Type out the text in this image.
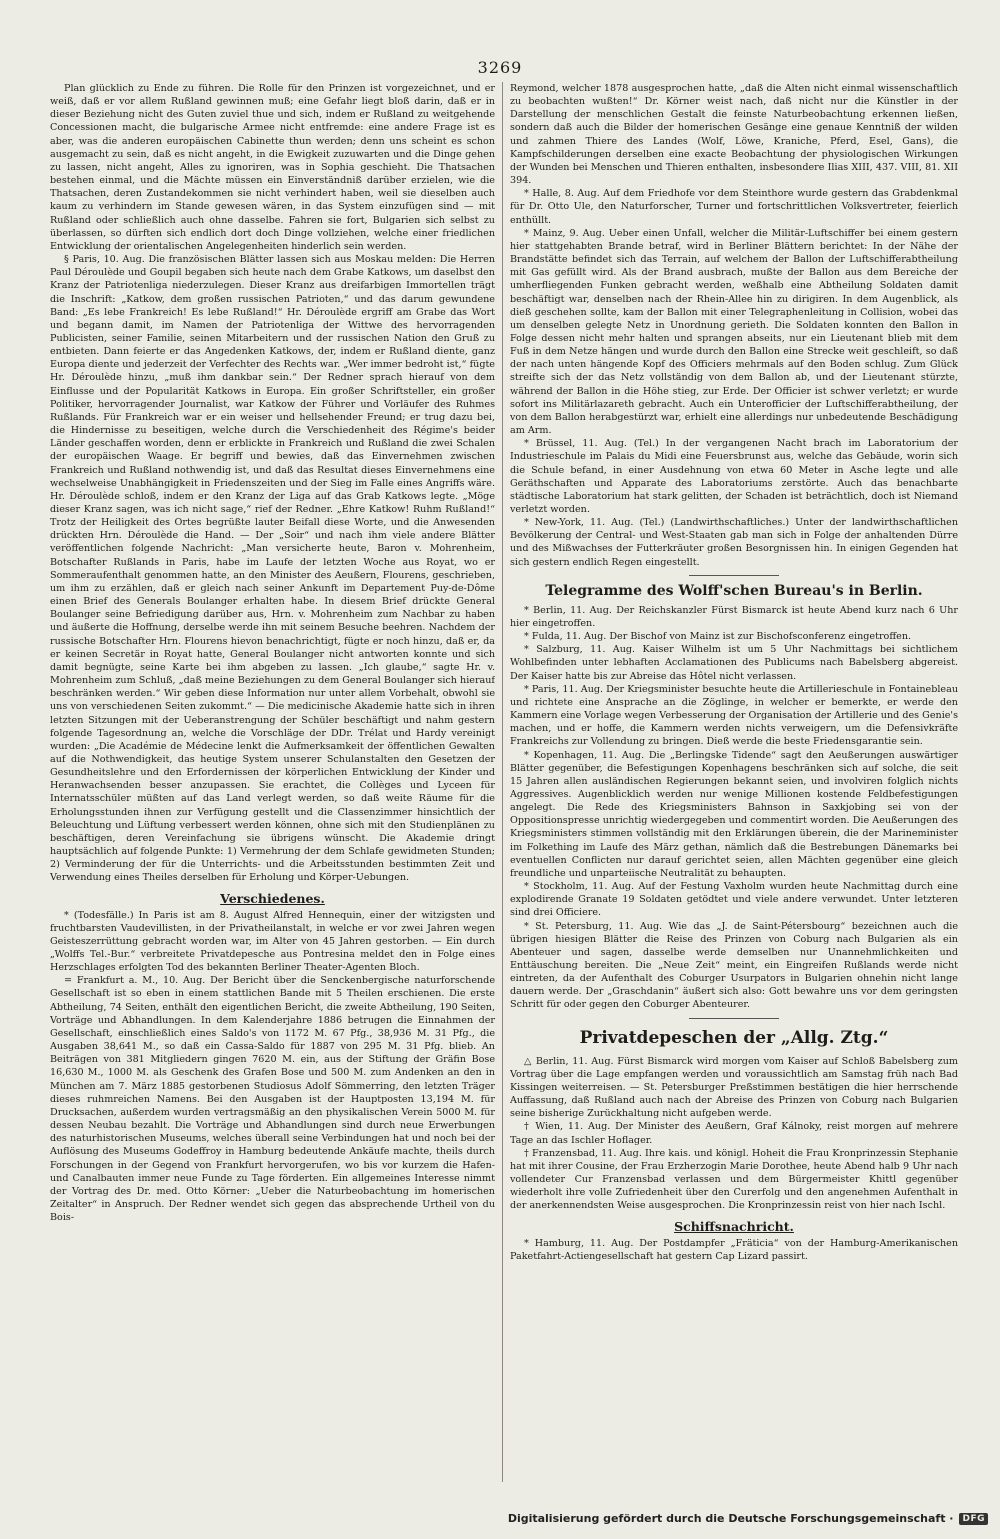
3269

Plan glücklich zu Ende zu führen. Die Rolle für den Prinzen ist vorgezeichnet, und er weiß, daß er vor allem Rußland gewinnen muß; eine Gefahr liegt bloß darin, daß er in dieser Beziehung nicht des Guten zuviel thue und sich, indem er Rußland zu weitgehende Concessionen macht, die bulgarische Armee nicht entfremde: eine andere Frage ist es aber, was die anderen europäischen Cabinette thun werden; denn uns scheint es schon ausgemacht zu sein, daß es nicht angeht, in die Ewigkeit zuzuwarten und die Dinge gehen zu lassen, nicht angeht, Alles zu ignoriren, was in Sophia geschieht. Die Thatsachen bestehen einmal, und die Mächte müssen ein Einverständniß darüber erzielen, wie die Thatsachen, deren Zustandekommen sie nicht verhindert haben, weil sie dieselben auch kaum zu verhindern im Stande gewesen wären, in das System einzufügen sind — mit Rußland oder schließlich auch ohne dasselbe. Fahren sie fort, Bulgarien sich selbst zu überlassen, so dürften sich endlich dort doch Dinge vollziehen, welche einer friedlichen Entwicklung der orientalischen Angelegenheiten hinderlich sein werden.

§ Paris, 10. Aug. Die französischen Blätter lassen sich aus Moskau melden: Die Herren Paul Déroulède und Goupil begaben sich heute nach dem Grabe Katkows, um daselbst den Kranz der Patriotenliga niederzulegen. Dieser Kranz aus dreifarbigen Immortellen trägt die Inschrift: „Katkow, dem großen russischen Patrioten,“ und das darum gewundene Band: „Es lebe Frankreich! Es lebe Rußland!“ Hr. Déroulède ergriff am Grabe das Wort und begann damit, im Namen der Patriotenliga der Wittwe des hervorragenden Publicisten, seiner Familie, seinen Mitarbeitern und der russischen Nation den Gruß zu entbieten. Dann feierte er das Angedenken Katkows, der, indem er Rußland diente, ganz Europa diente und jederzeit der Verfechter des Rechts war. „Wer immer bedroht ist,“ fügte Hr. Déroulède hinzu, „muß ihm dankbar sein.“ Der Redner sprach hierauf von dem Einflusse und der Popularität Katkows in Europa. Ein großer Schriftsteller, ein großer Politiker, hervorragender Journalist, war Katkow der Führer und Vorläufer des Ruhmes Rußlands. Für Frankreich war er ein weiser und hellsehender Freund; er trug dazu bei, die Hindernisse zu beseitigen, welche durch die Verschiedenheit des Régime's beider Länder geschaffen worden, denn er erblickte in Frankreich und Rußland die zwei Schalen der europäischen Waage. Er begriff und bewies, daß das Einvernehmen zwischen Frankreich und Rußland nothwendig ist, und daß das Resultat dieses Einvernehmens eine wechselweise Unabhängigkeit in Friedenszeiten und der Sieg im Falle eines Angriffs wäre. Hr. Déroulède schloß, indem er den Kranz der Liga auf das Grab Katkows legte. „Möge dieser Kranz sagen, was ich nicht sage,“ rief der Redner. „Ehre Katkow! Ruhm Rußland!“ Trotz der Heiligkeit des Ortes begrüßte lauter Beifall diese Worte, und die Anwesenden drückten Hrn. Déroulède die Hand. — Der „Soir“ und nach ihm viele andere Blätter veröffentlichen folgende Nachricht: „Man versicherte heute, Baron v. Mohrenheim, Botschafter Rußlands in Paris, habe im Laufe der letzten Woche aus Royat, wo er Sommeraufenthalt genommen hatte, an den Minister des Aeußern, Flourens, geschrieben, um ihm zu erzählen, daß er gleich nach seiner Ankunft im Departement Puy-de-Dôme einen Brief des Generals Boulanger erhalten habe. In diesem Brief drückte General Boulanger seine Befriedigung darüber aus, Hrn. v. Mohrenheim zum Nachbar zu haben und äußerte die Hoffnung, derselbe werde ihn mit seinem Besuche beehren. Nachdem der russische Botschafter Hrn. Flourens hievon benachrichtigt, fügte er noch hinzu, daß er, da er keinen Secretär in Royat hatte, General Boulanger nicht antworten konnte und sich damit begnügte, seine Karte bei ihm abgeben zu lassen. „Ich glaube,“ sagte Hr. v. Mohrenheim zum Schluß, „daß meine Beziehungen zu dem General Boulanger sich hierauf beschränken werden.“ Wir geben diese Information nur unter allem Vorbehalt, obwohl sie uns von verschiedenen Seiten zukommt.“ — Die medicinische Akademie hatte sich in ihren letzten Sitzungen mit der Ueberanstrengung der Schüler beschäftigt und nahm gestern folgende Tagesordnung an, welche die Vorschläge der DDr. Trélat und Hardy vereinigt wurden: „Die Académie de Médecine lenkt die Aufmerksamkeit der öffentlichen Gewalten auf die Nothwendigkeit, das heutige System unserer Schulanstalten den Gesetzen der Gesundheitslehre und den Erfordernissen der körperlichen Entwicklung der Kinder und Heranwachsenden besser anzupassen. Sie erachtet, die Collèges und Lyceen für Internatsschüler müßten auf das Land verlegt werden, so daß weite Räume für die Erholungsstunden ihnen zur Verfügung gestellt und die Classenzimmer hinsichtlich der Beleuchtung und Lüftung verbessert werden können, ohne sich mit den Studienplänen zu beschäftigen, deren Vereinfachung sie übrigens wünscht. Die Akademie dringt hauptsächlich auf folgende Punkte: 1) Vermehrung der dem Schlafe gewidmeten Stunden; 2) Verminderung der für die Unterrichts- und die Arbeitsstunden bestimmten Zeit und Verwendung eines Theiles derselben für Erholung und Körper-Uebungen.

Verschiedenes.

* (Todesfälle.) In Paris ist am 8. August Alfred Hennequin, einer der witzigsten und fruchtbarsten Vaudevillisten, in der Privatheilanstalt, in welche er vor zwei Jahren wegen Geisteszerrüttung gebracht worden war, im Alter von 45 Jahren gestorben. — Ein durch „Wolffs Tel.-Bur.“ verbreitete Privatdepesche aus Pontresina meldet den in Folge eines Herzschlages erfolgten Tod des bekannten Berliner Theater-Agenten Bloch.

= Frankfurt a. M., 10. Aug. Der Bericht über die Senckenbergische naturforschende Gesellschaft ist so eben in einem stattlichen Bande mit 5 Theilen erschienen. Die erste Abtheilung, 74 Seiten, enthält den eigentlichen Bericht, die zweite Abtheilung, 190 Seiten, Vorträge und Abhandlungen. In dem Kalenderjahre 1886 betrugen die Einnahmen der Gesellschaft, einschließlich eines Saldo's von 1172 M. 67 Pfg., 38,936 M. 31 Pfg., die Ausgaben 38,641 M., so daß ein Cassa-Saldo für 1887 von 295 M. 31 Pfg. blieb. An Beiträgen von 381 Mitgliedern gingen 7620 M. ein, aus der Stiftung der Gräfin Bose 16,630 M., 1000 M. als Geschenk des Grafen Bose und 500 M. zum Andenken an den in München am 7. März 1885 gestorbenen Studiosus Adolf Sömmerring, den letzten Träger dieses ruhmreichen Namens. Bei den Ausgaben ist der Hauptposten 13,194 M. für Drucksachen, außerdem wurden vertragsmäßig an den physikalischen Verein 5000 M. für dessen Neubau bezahlt. Die Vorträge und Abhandlungen sind durch neue Erwerbungen des naturhistorischen Museums, welches überall seine Verbindungen hat und noch bei der Auflösung des Museums Godeffroy in Hamburg bedeutende Ankäufe machte, theils durch Forschungen in der Gegend von Frankfurt hervorgerufen, wo bis vor kurzem die Hafen- und Canalbauten immer neue Funde zu Tage förderten. Ein allgemeines Interesse nimmt der Vortrag des Dr. med. Otto Körner: „Ueber die Naturbeobachtung im homerischen Zeitalter“ in Anspruch. Der Redner wendet sich gegen das absprechende Urtheil von du Bois-

Reymond, welcher 1878 ausgesprochen hatte, „daß die Alten nicht einmal wissenschaftlich zu beobachten wußten!“ Dr. Körner weist nach, daß nicht nur die Künstler in der Darstellung der menschlichen Gestalt die feinste Naturbeobachtung erkennen ließen, sondern daß auch die Bilder der homerischen Gesänge eine genaue Kenntniß der wilden und zahmen Thiere des Landes (Wolf, Löwe, Kraniche, Pferd, Esel, Gans), die Kampfschilderungen derselben eine exacte Beobachtung der physiologischen Wirkungen der Wunden bei Menschen und Thieren enthalten, insbesondere Ilias XIII, 437. VIII, 81. XII 394.

* Halle, 8. Aug. Auf dem Friedhofe vor dem Steinthore wurde gestern das Grabdenkmal für Dr. Otto Ule, den Naturforscher, Turner und fortschrittlichen Volksvertreter, feierlich enthüllt.

* Mainz, 9. Aug. Ueber einen Unfall, welcher die Militär-Luftschiffer bei einem gestern hier stattgehabten Brande betraf, wird in Berliner Blättern berichtet: In der Nähe der Brandstätte befindet sich das Terrain, auf welchem der Ballon der Luftschifferabtheilung mit Gas gefüllt wird. Als der Brand ausbrach, mußte der Ballon aus dem Bereiche der umherfliegenden Funken gebracht werden, weßhalb eine Abtheilung Soldaten damit beschäftigt war, denselben nach der Rhein-Allee hin zu dirigiren. In dem Augenblick, als dieß geschehen sollte, kam der Ballon mit einer Telegraphenleitung in Collision, wobei das um denselben gelegte Netz in Unordnung gerieth. Die Soldaten konnten den Ballon in Folge dessen nicht mehr halten und sprangen abseits, nur ein Lieutenant blieb mit dem Fuß in dem Netze hängen und wurde durch den Ballon eine Strecke weit geschleift, so daß der nach unten hängende Kopf des Officiers mehrmals auf den Boden schlug. Zum Glück streifte sich der das Netz vollständig von dem Ballon ab, und der Lieutenant stürzte, während der Ballon in die Höhe stieg, zur Erde. Der Officier ist schwer verletzt; er wurde sofort ins Militärlazareth gebracht. Auch ein Unterofficier der Luftschifferabtheilung, der von dem Ballon herabgestürzt war, erhielt eine allerdings nur unbedeutende Beschädigung am Arm.

* Brüssel, 11. Aug. (Tel.) In der vergangenen Nacht brach im Laboratorium der Industrieschule im Palais du Midi eine Feuersbrunst aus, welche das Gebäude, worin sich die Schule befand, in einer Ausdehnung von etwa 60 Meter in Asche legte und alle Geräthschaften und Apparate des Laboratoriums zerstörte. Auch das benachbarte städtische Laboratorium hat stark gelitten, der Schaden ist beträchtlich, doch ist Niemand verletzt worden.

* New-York, 11. Aug. (Tel.) (Landwirthschaftliches.) Unter der landwirthschaftlichen Bevölkerung der Central- und West-Staaten gab man sich in Folge der anhaltenden Dürre und des Mißwachses der Futterkräuter großen Besorgnissen hin. In einigen Gegenden hat sich gestern endlich Regen eingestellt.

Telegramme des Wolff'schen Bureau's in Berlin.

* Berlin, 11. Aug. Der Reichskanzler Fürst Bismarck ist heute Abend kurz nach 6 Uhr hier eingetroffen.

* Fulda, 11. Aug. Der Bischof von Mainz ist zur Bischofsconferenz eingetroffen.

* Salzburg, 11. Aug. Kaiser Wilhelm ist um 5 Uhr Nachmittags bei sichtlichem Wohlbefinden unter lebhaften Acclamationen des Publicums nach Babelsberg abgereist. Der Kaiser hatte bis zur Abreise das Hôtel nicht verlassen.

* Paris, 11. Aug. Der Kriegsminister besuchte heute die Artillerieschule in Fontainebleau und richtete eine Ansprache an die Zöglinge, in welcher er bemerkte, er werde den Kammern eine Vorlage wegen Verbesserung der Organisation der Artillerie und des Genie's machen, und er hoffe, die Kammern werden nichts verweigern, um die Defensivkräfte Frankreichs zur Vollendung zu bringen. Dieß werde die beste Friedensgarantie sein.

* Kopenhagen, 11. Aug. Die „Berlingske Tidende“ sagt den Aeußerungen auswärtiger Blätter gegenüber, die Befestigungen Kopenhagens beschränken sich auf solche, die seit 15 Jahren allen ausländischen Regierungen bekannt seien, und involviren folglich nichts Aggressives. Augenblicklich werden nur wenige Millionen kostende Feldbefestigungen angelegt. Die Rede des Kriegsministers Bahnson in Saxkjobing sei von der Oppositionspresse unrichtig wiedergegeben und commentirt worden. Die Aeußerungen des Kriegsministers stimmen vollständig mit den Erklärungen überein, die der Marineminister im Folkething im Laufe des März gethan, nämlich daß die Bestrebungen Dänemarks bei eventuellen Conflicten nur darauf gerichtet seien, allen Mächten gegenüber eine gleich freundliche und unparteiische Neutralität zu behaupten.

* Stockholm, 11. Aug. Auf der Festung Vaxholm wurden heute Nachmittag durch eine explodirende Granate 19 Soldaten getödtet und viele andere verwundet. Unter letzteren sind drei Officiere.

* St. Petersburg, 11. Aug. Wie das „J. de Saint-Pétersbourg“ bezeichnen auch die übrigen hiesigen Blätter die Reise des Prinzen von Coburg nach Bulgarien als ein Abenteuer und sagen, dasselbe werde demselben nur Unannehmlichkeiten und Enttäuschung bereiten. Die „Neue Zeit“ meint, ein Eingreifen Rußlands werde nicht eintreten, da der Aufenthalt des Coburger Usurpators in Bulgarien ohnehin nicht lange dauern werde. Der „Graschdanin“ äußert sich also: Gott bewahre uns vor dem geringsten Schritt für oder gegen den Coburger Abenteurer.

Privatdepeschen der „Allg. Ztg.“

△ Berlin, 11. Aug. Fürst Bismarck wird morgen vom Kaiser auf Schloß Babelsberg zum Vortrag über die Lage empfangen werden und voraussichtlich am Samstag früh nach Bad Kissingen weiterreisen. — St. Petersburger Preßstimmen bestätigen die hier herrschende Auffassung, daß Rußland auch nach der Abreise des Prinzen von Coburg nach Bulgarien seine bisherige Zurückhaltung nicht aufgeben werde.

† Wien, 11. Aug. Der Minister des Aeußern, Graf Kálnoky, reist morgen auf mehrere Tage an das Ischler Hoflager.

† Franzensbad, 11. Aug. Ihre kais. und königl. Hoheit die Frau Kronprinzessin Stephanie hat mit ihrer Cousine, der Frau Erzherzogin Marie Dorothee, heute Abend halb 9 Uhr nach vollendeter Cur Franzensbad verlassen und dem Bürgermeister Khittl gegenüber wiederholt ihre volle Zufriedenheit über den Curerfolg und den angenehmen Aufenthalt in der anerkennendsten Weise ausgesprochen. Die Kronprinzessin reist von hier nach Ischl.

Schiffsnachricht.

* Hamburg, 11. Aug. Der Postdampfer „Fräticia“ von der Hamburg-Amerikanischen Paketfahrt-Actiengesellschaft hat gestern Cap Lizard passirt.

Digitalisierung gefördert durch die Deutsche Forschungsgemeinschaft ·	DFG
